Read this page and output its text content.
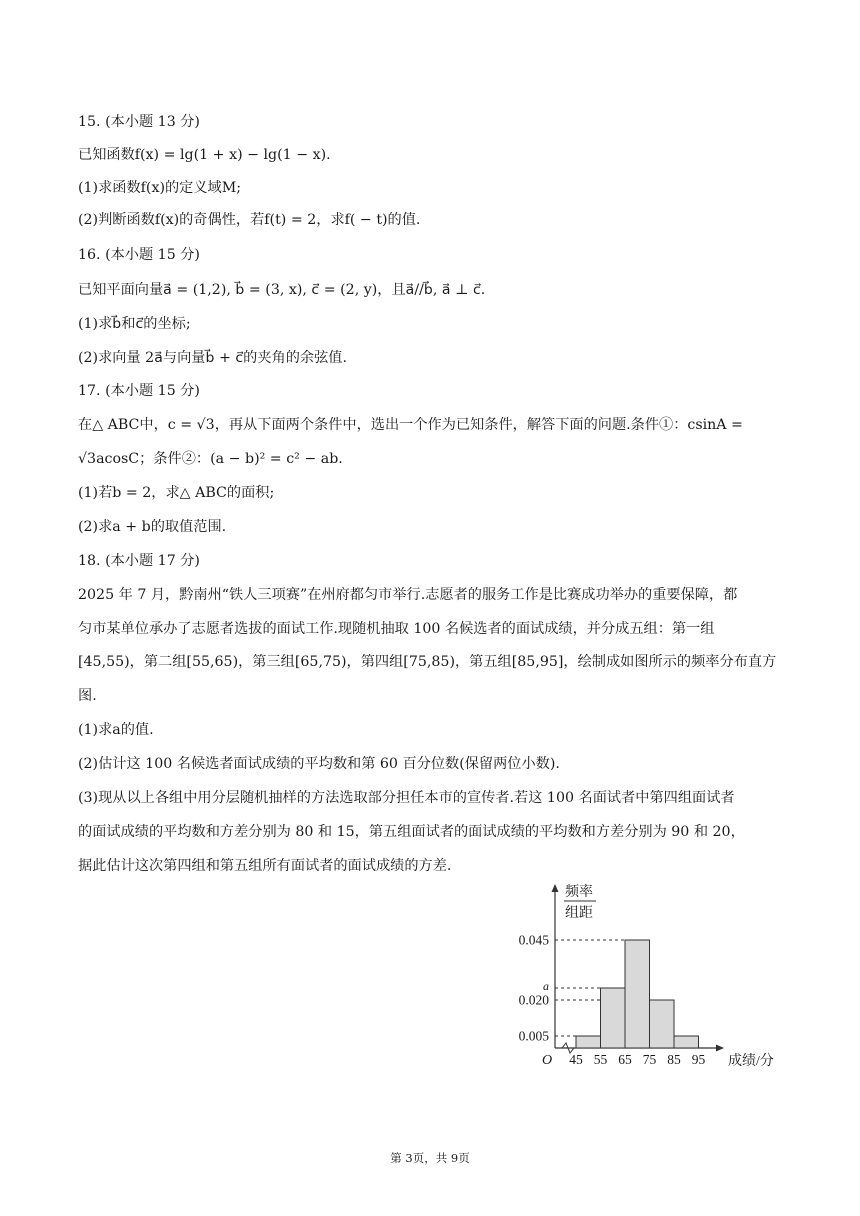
15. (本小题 13 分)
已知函数f(x) = lg(1 + x) − lg(1 − x).
(1)求函数f(x)的定义域M;
(2)判断函数f(x)的奇偶性，若f(t) = 2，求f( − t)的值.
16. (本小题 15 分)
已知平面向量a⃗ = (1,2), b⃗ = (3, x), c⃗ = (2, y)，且a⃗//b⃗, a⃗ ⊥ c⃗.
(1)求b⃗和c⃗的坐标;
(2)求向量 2a⃗与向量b⃗ + c⃗的夹角的余弦值.
17. (本小题 15 分)
在△ ABC中，c = √3，再从下面两个条件中，选出一个作为已知条件，解答下面的问题.条件①：csinA =
√3acosC；条件②：(a − b)² = c² − ab.
(1)若b = 2，求△ ABC的面积;
(2)求a + b的取值范围.
18. (本小题 17 分)
2025 年 7 月，黔南州“铁人三项赛”在州府都匀市举行.志愿者的服务工作是比赛成功举办的重要保障，都
匀市某单位承办了志愿者选拔的面试工作.现随机抽取 100 名候选者的面试成绩，并分成五组：第一组
[45,55)，第二组[55,65)，第三组[65,75)，第四组[75,85)，第五组[85,95]，绘制成如图所示的频率分布直方
图.
(1)求a的值.
(2)估计这 100 名候选者面试成绩的平均数和第 60 百分位数(保留两位小数).
(3)现从以上各组中用分层随机抽样的方法选取部分担任本市的宣传者.若这 100 名面试者中第四组面试者
的面试成绩的平均数和方差分别为 80 和 15，第五组面试者的面试成绩的平均数和方差分别为 90 和 20，
据此估计这次第四组和第五组所有面试者的面试成绩的方差.
0.005
0.020
a
0.045
45 55 65 75 85 95
O	成绩/分
频率
组距
第 3页，共 9页
